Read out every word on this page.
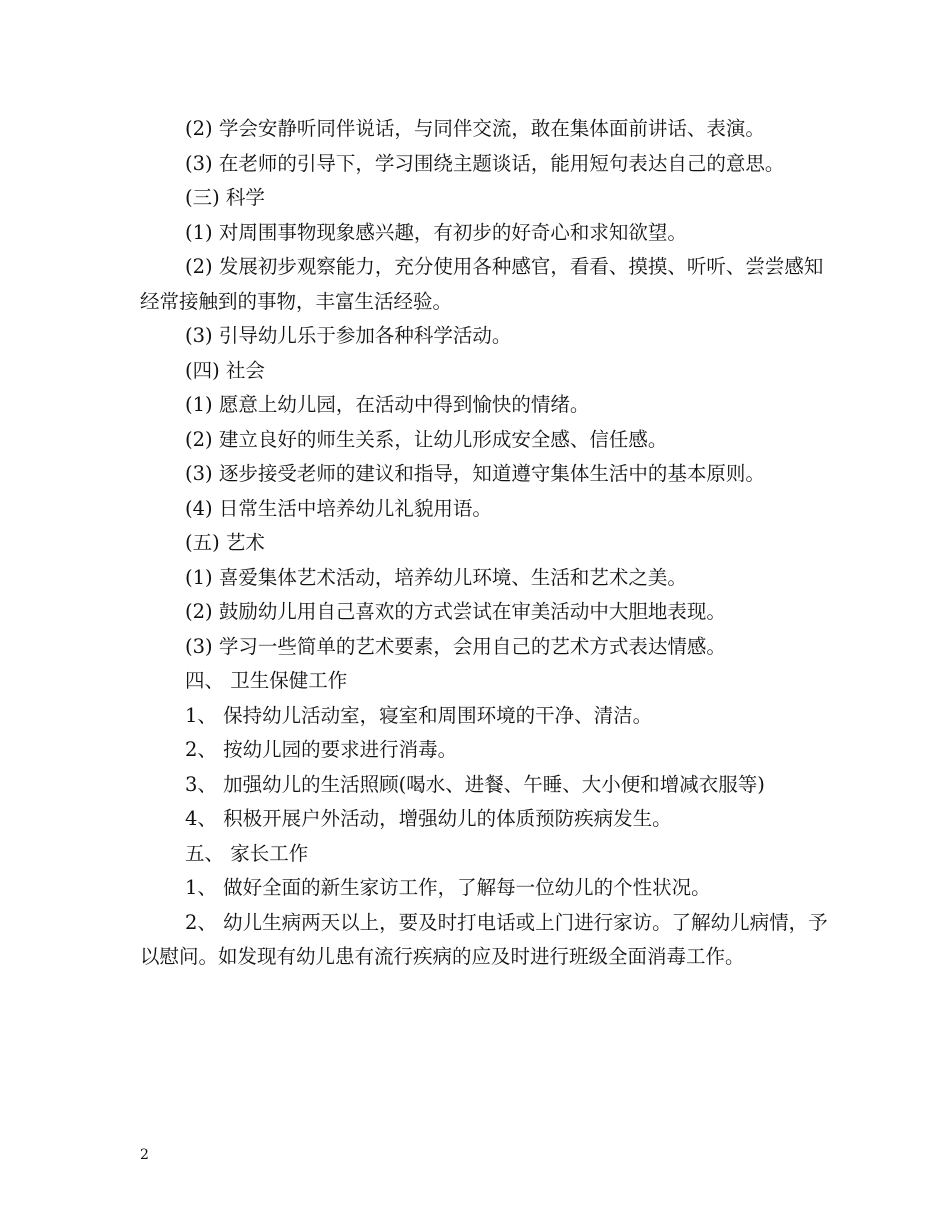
(2) 学会安静听同伴说话，与同伴交流，敢在集体面前讲话、表演。

(3) 在老师的引导下，学习围绕主题谈话，能用短句表达自己的意思。

(三) 科学

(1) 对周围事物现象感兴趣，有初步的好奇心和求知欲望。

(2) 发展初步观察能力，充分使用各种感官，看看、摸摸、听听、尝尝感知经常接触到的事物，丰富生活经验。

(3) 引导幼儿乐于参加各种科学活动。

(四) 社会

(1) 愿意上幼儿园，在活动中得到愉快的情绪。

(2) 建立良好的师生关系，让幼儿形成安全感、信任感。

(3) 逐步接受老师的建议和指导，知道遵守集体生活中的基本原则。

(4) 日常生活中培养幼儿礼貌用语。

(五) 艺术

(1) 喜爱集体艺术活动，培养幼儿环境、生活和艺术之美。

(2) 鼓励幼儿用自己喜欢的方式尝试在审美活动中大胆地表现。

(3) 学习一些简单的艺术要素，会用自己的艺术方式表达情感。

四、 卫生保健工作

1、 保持幼儿活动室，寝室和周围环境的干净、清洁。

2、 按幼儿园的要求进行消毒。

3、 加强幼儿的生活照顾(喝水、进餐、午睡、大小便和增减衣服等)

4、 积极开展户外活动，增强幼儿的体质预防疾病发生。

五、 家长工作

1、 做好全面的新生家访工作，了解每一位幼儿的个性状况。

2、 幼儿生病两天以上，要及时打电话或上门进行家访。了解幼儿病情，予以慰问。如发现有幼儿患有流行疾病的应及时进行班级全面消毒工作。

2
